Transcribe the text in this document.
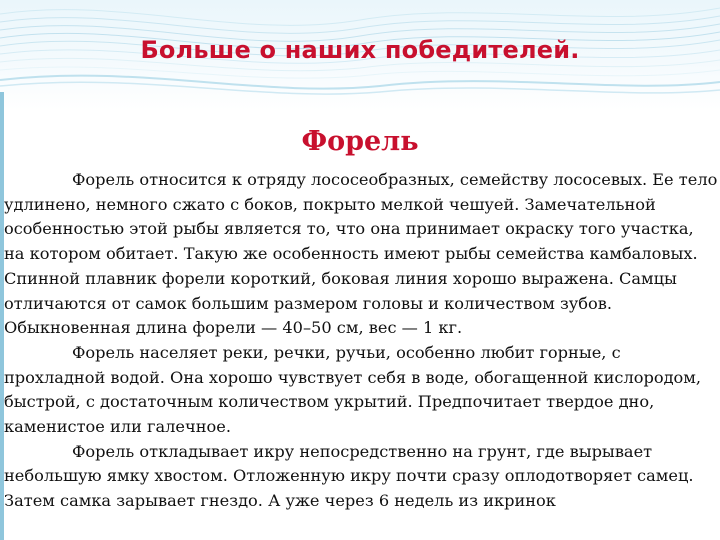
Больше о наших победителей.
Форель

Форель относится к отряду лососеобразных, семейству лососевых. Ее тело удлинено, немного сжато с боков, покрыто мелкой чешуей. Замечательной особенностью этой рыбы является то, что она принимает окраску того участка, на котором обитает. Такую же особенность имеют рыбы семейства камбаловых. Спинной плавник форели короткий, боковая линия хорошо выражена. Самцы отличаются от самок большим размером головы и количеством зубов. Обыкновенная длина форели — 40–50 см, вес — 1 кг.

Форель населяет реки, речки, ручьи, особенно любит горные, с прохладной водой. Она хорошо чувствует себя в воде, обогащенной кислородом, быстрой, с достаточным количеством укрытий. Предпочитает твердое дно, каменистое или галечное.

Форель откладывает икру непосредственно на грунт, где вырывает небольшую ямку хвостом. Отложенную икру почти сразу оплодотворяет самец. Затем самка зарывает гнездо. А уже через 6 недель из икринок
